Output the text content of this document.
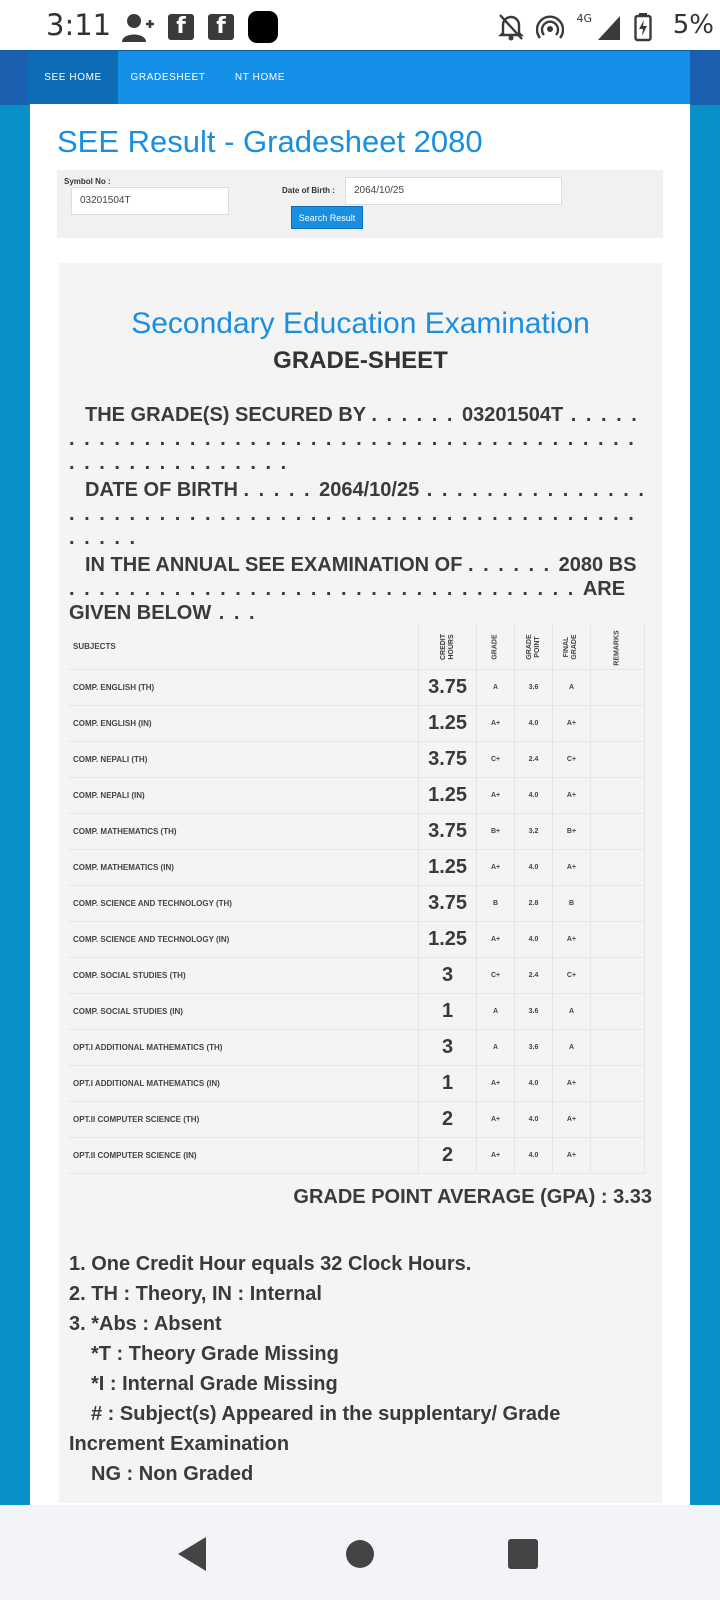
3:11	f	f	4G	5%
SEE HOME	GRADESHEET	NT HOME
SEE Result - Gradesheet 2080
Symbol No :
03201504T
Date of Birth :	2064/10/25
Search Result
Secondary Education Examination
GRADE-SHEET
THE GRADE(S) SECURED BY . . . . . . 03201504T . . . . . . . . . . . . . . . . . . . . . . . . . . . . . . . . . . . . . . . . . . . . . . . . . . . . . . . . . .
DATE OF BIRTH . . . . . 2064/10/25 . . . . . . . . . . . . . . . . . . . . . . . . . . . . . . . . . . . . . . . . . . . . . . . . . . . . . . . . . .
IN THE ANNUAL SEE EXAMINATION OF . . . . . . 2080 BS . . . . . . . . . . . . . . . . . . . . . . . . . . . . . . . . . . ARE GIVEN BELOW . . .
SUBJECTS	CREDIT HOURS	GRADE	GRADE POINT	FINAL GRADE	REMARKS
COMP. ENGLISH (TH)	3.75	A	3.6	A	
COMP. ENGLISH (IN)	1.25	A+	4.0	A+	
COMP. NEPALI (TH)	3.75	C+	2.4	C+	
COMP. NEPALI (IN)	1.25	A+	4.0	A+	
COMP. MATHEMATICS (TH)	3.75	B+	3.2	B+	
COMP. MATHEMATICS (IN)	1.25	A+	4.0	A+	
COMP. SCIENCE AND TECHNOLOGY (TH)	3.75	B	2.8	B	
COMP. SCIENCE AND TECHNOLOGY (IN)	1.25	A+	4.0	A+	
COMP. SOCIAL STUDIES (TH)	3	C+	2.4	C+	
COMP. SOCIAL STUDIES (IN)	1	A	3.6	A	
OPT.I ADDITIONAL MATHEMATICS (TH)	3	A	3.6	A	
OPT.I ADDITIONAL MATHEMATICS (IN)	1	A+	4.0	A+	
OPT.II COMPUTER SCIENCE (TH)	2	A+	4.0	A+	
OPT.II COMPUTER SCIENCE (IN)	2	A+	4.0	A+	
GRADE POINT AVERAGE (GPA) : 3.33
1. One Credit Hour equals 32 Clock Hours.
2. TH : Theory, IN : Internal
3. *Abs : Absent
*T : Theory Grade Missing
*I : Internal Grade Missing
# : Subject(s) Appeared in the supplentary/ Grade
Increment Examination
NG : Non Graded
